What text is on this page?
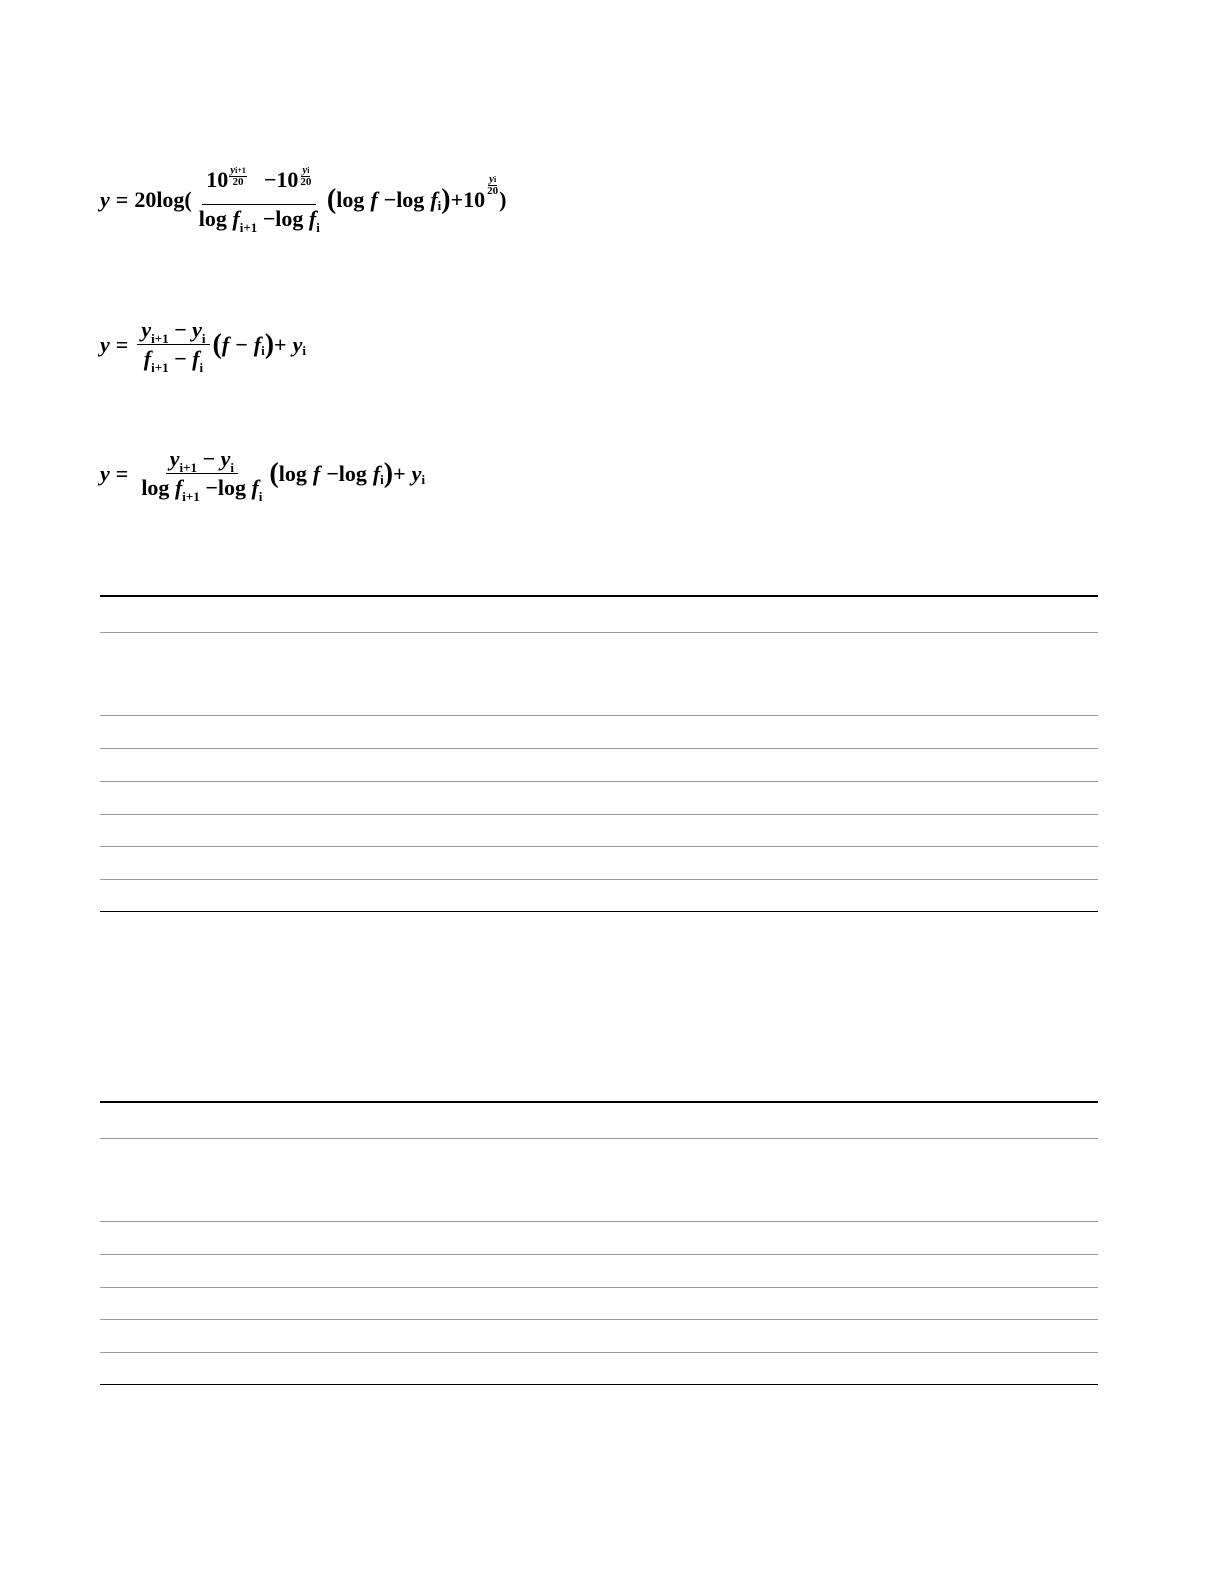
$y = 20\log( \frac{10 \frac{yi+1}{20} -10 \frac{yi}{20}}{\log f_{i+1} -\log f_i}$ ( log f −log f i ) + 10
$\frac{yi}{20}$
)
$y = \frac{y_{i+1} - y_i}{f_{i+1} - f_i}$ ( f − f i ) + y i
$y = \frac{y_{i+1} - y_i}{\log f_{i+1} -\log f_i}$ ( log f −log f i ) + y i
